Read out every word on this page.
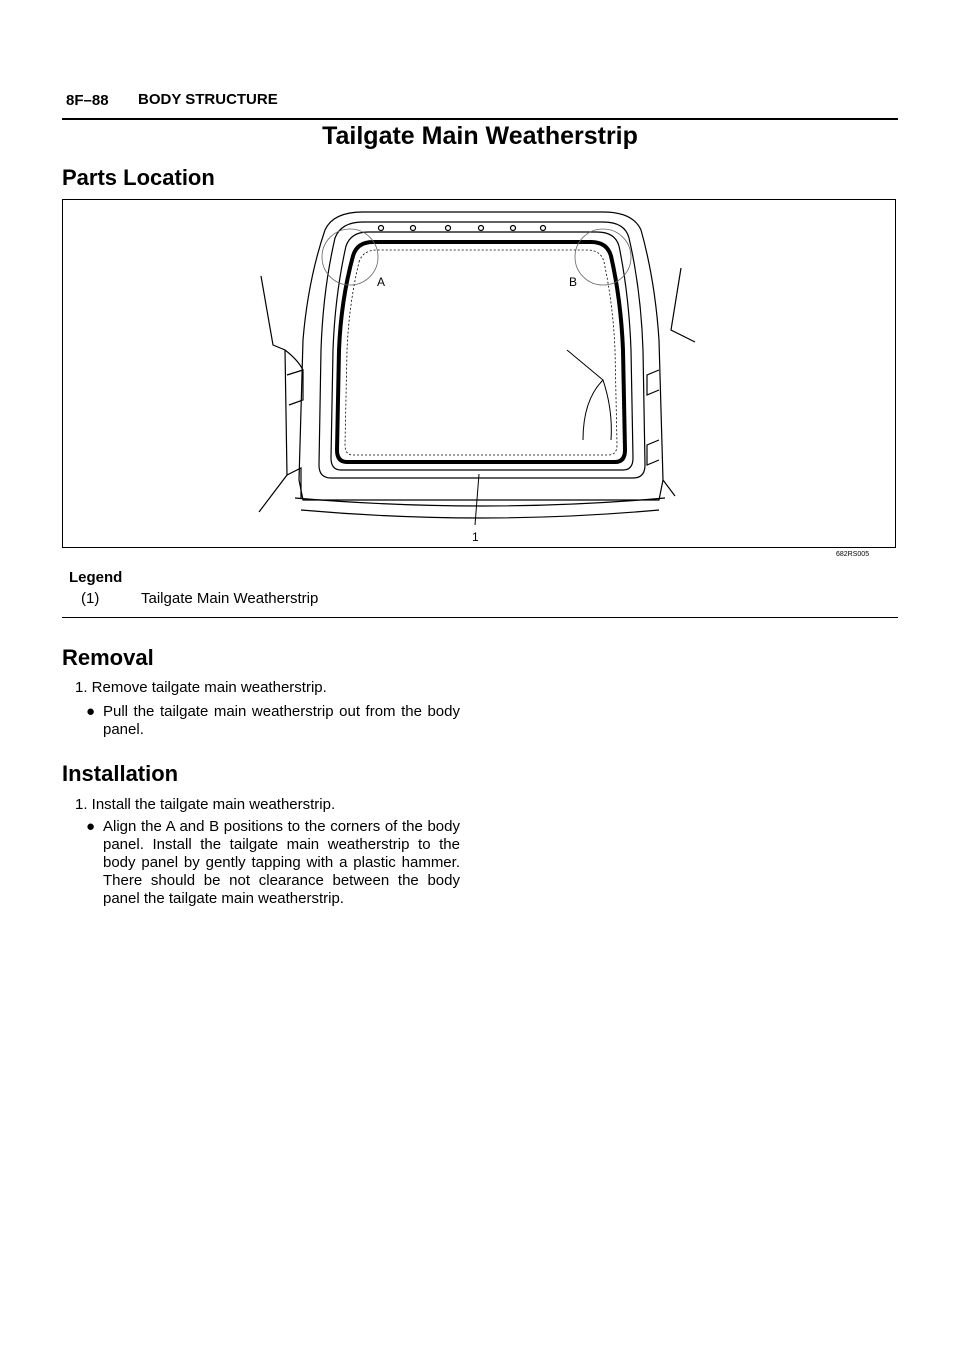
8F–88 BODY STRUCTURE
Tailgate Main Weatherstrip
Parts Location
A	B
1
682RS005
Legend
(1)	Tailgate Main Weatherstrip
Removal
1. Remove tailgate main weatherstrip.
● Pull the tailgate main weatherstrip out from the body panel.
Installation
1. Install the tailgate main weatherstrip.
● Align the A and B positions to the corners of the body panel. Install the tailgate main weatherstrip to the body panel by gently tapping with a plastic hammer. There should be not clearance between the body panel the tailgate main weatherstrip.
